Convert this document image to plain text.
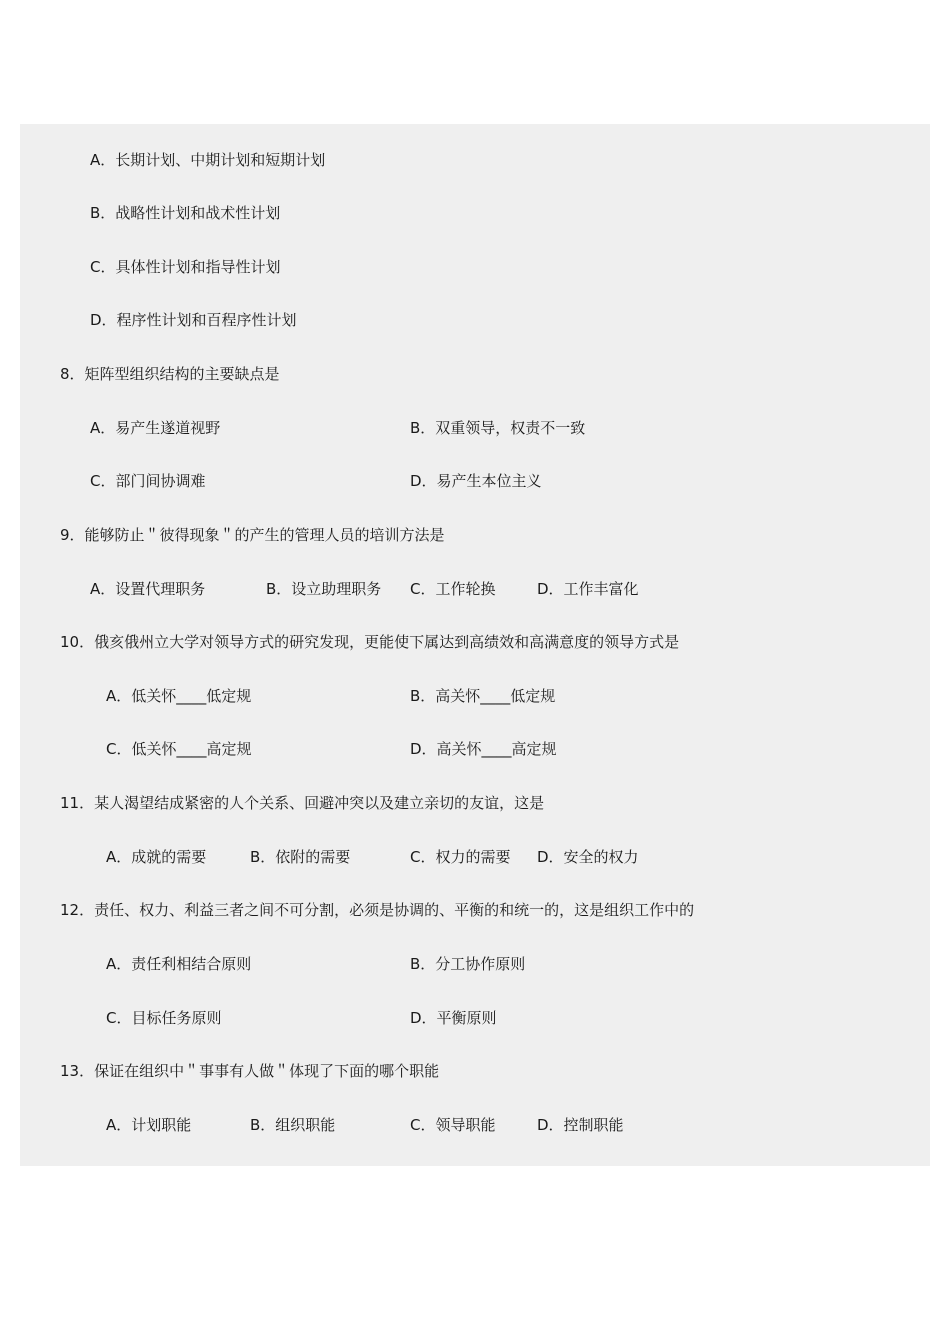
A．长期计划、中期计划和短期计划
B．战略性计划和战术性计划
C．具体性计划和指导性计划
D．程序性计划和百程序性计划
8．矩阵型组织结构的主要缺点是
A．易产生遂道视野	B．双重领导，权责不一致
C．部门间协调难	D．易产生本位主义
9．能够防止＂彼得现象＂的产生的管理人员的培训方法是
A．设置代理职务	B．设立助理职务 C．工作轮换	D．工作丰富化
10．俄亥俄州立大学对领导方式的研究发现，更能使下属达到高绩效和高满意度的领导方式是
A．低关怀____低定规	B．高关怀____低定规
C．低关怀____高定规	D．高关怀____高定规
11．某人渴望结成紧密的人个关系、回避冲突以及建立亲切的友谊，这是
A．成就的需要	B．依附的需要	C．权力的需要 D．安全的权力
12．责任、权力、利益三者之间不可分割，必须是协调的、平衡的和统一的，这是组织工作中的
A．责任利相结合原则	B．分工协作原则
C．目标任务原则	D．平衡原则
13．保证在组织中＂事事有人做＂体现了下面的哪个职能
A．计划职能	B．组织职能	C．领导职能	D．控制职能
